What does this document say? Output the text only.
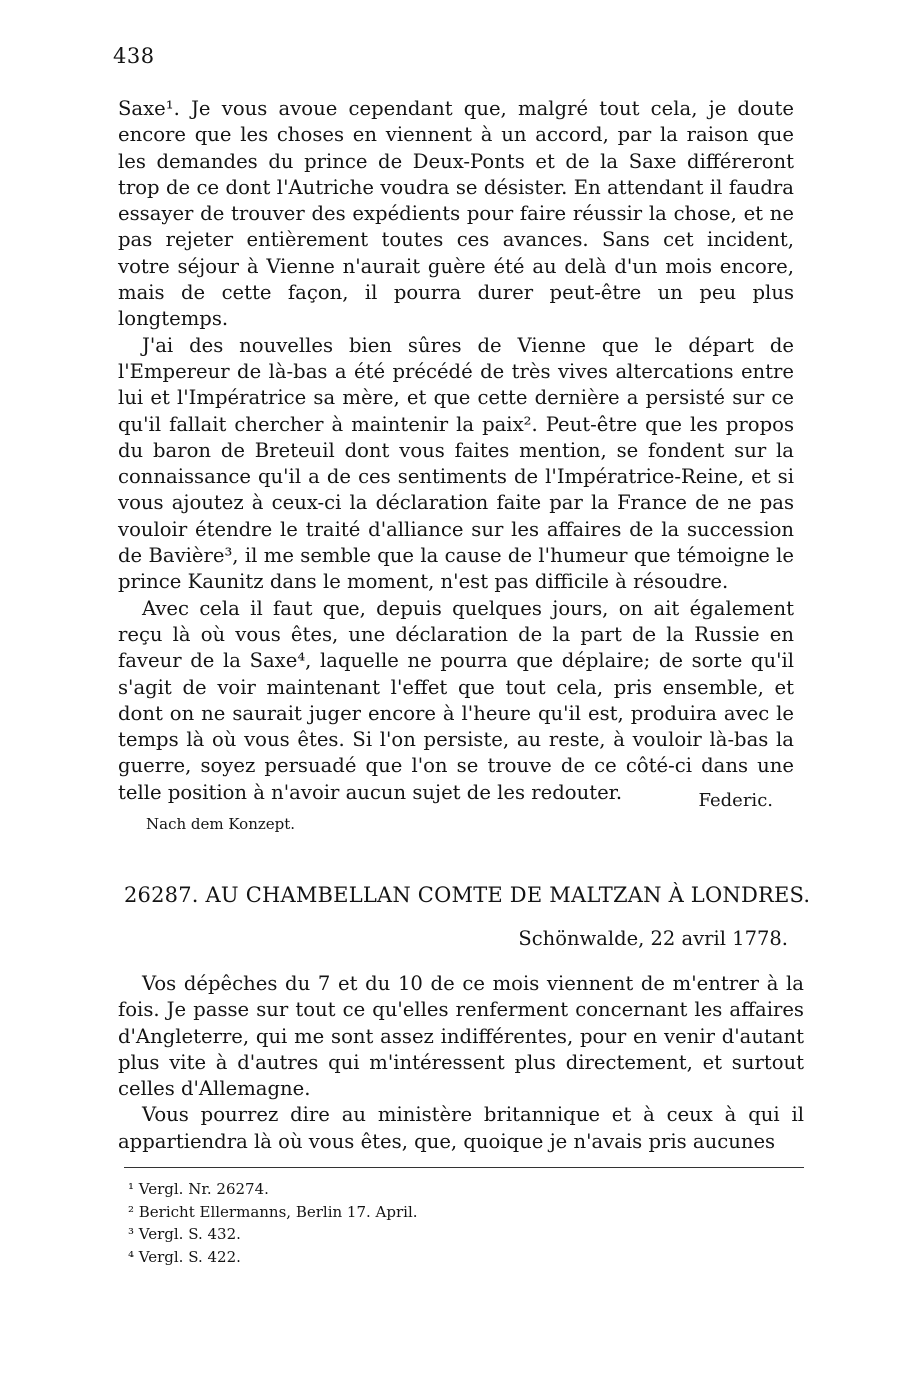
438

Saxe¹. Je vous avoue cependant que, malgré tout cela, je doute encore que les choses en viennent à un accord, par la raison que les demandes du prince de Deux-Ponts et de la Saxe différeront trop de ce dont l'Autriche voudra se désister. En attendant il faudra essayer de trouver des expédients pour faire réussir la chose, et ne pas rejeter entièrement toutes ces avances. Sans cet incident, votre séjour à Vienne n'aurait guère été au delà d'un mois encore, mais de cette façon, il pourra durer peut-être un peu plus longtemps.

J'ai des nouvelles bien sûres de Vienne que le départ de l'Empereur de là-bas a été précédé de très vives altercations entre lui et l'Impératrice sa mère, et que cette dernière a persisté sur ce qu'il fallait chercher à maintenir la paix². Peut-être que les propos du baron de Breteuil dont vous faites mention, se fondent sur la connaissance qu'il a de ces sentiments de l'Impératrice-Reine, et si vous ajoutez à ceux-ci la déclaration faite par la France de ne pas vouloir étendre le traité d'alliance sur les affaires de la succession de Bavière³, il me semble que la cause de l'humeur que témoigne le prince Kaunitz dans le moment, n'est pas difficile à résoudre.

Avec cela il faut que, depuis quelques jours, on ait également reçu là où vous êtes, une déclaration de la part de la Russie en faveur de la Saxe⁴, laquelle ne pourra que déplaire; de sorte qu'il s'agit de voir maintenant l'effet que tout cela, pris ensemble, et dont on ne saurait juger encore à l'heure qu'il est, produira avec le temps là où vous êtes. Si l'on persiste, au reste, à vouloir là-bas la guerre, soyez persuadé que l'on se trouve de ce côté-ci dans une telle position à n'avoir aucun sujet de les redouter.	Federic.
Nach dem Konzept.
26287. AU CHAMBELLAN COMTE DE MALTZAN À LONDRES.
Schönwalde, 22 avril 1778.

Vos dépêches du 7 et du 10 de ce mois viennent de m'entrer à la fois. Je passe sur tout ce qu'elles renferment concernant les affaires d'Angleterre, qui me sont assez indifférentes, pour en venir d'autant plus vite à d'autres qui m'intéressent plus directement, et surtout celles d'Allemagne.

Vous pourrez dire au ministère britannique et à ceux à qui il appartiendra là où vous êtes, que, quoique je n'avais pris aucunes

¹ Vergl. Nr. 26274.

² Bericht Ellermanns, Berlin 17. April.

³ Vergl. S. 432.

⁴ Vergl. S. 422.
